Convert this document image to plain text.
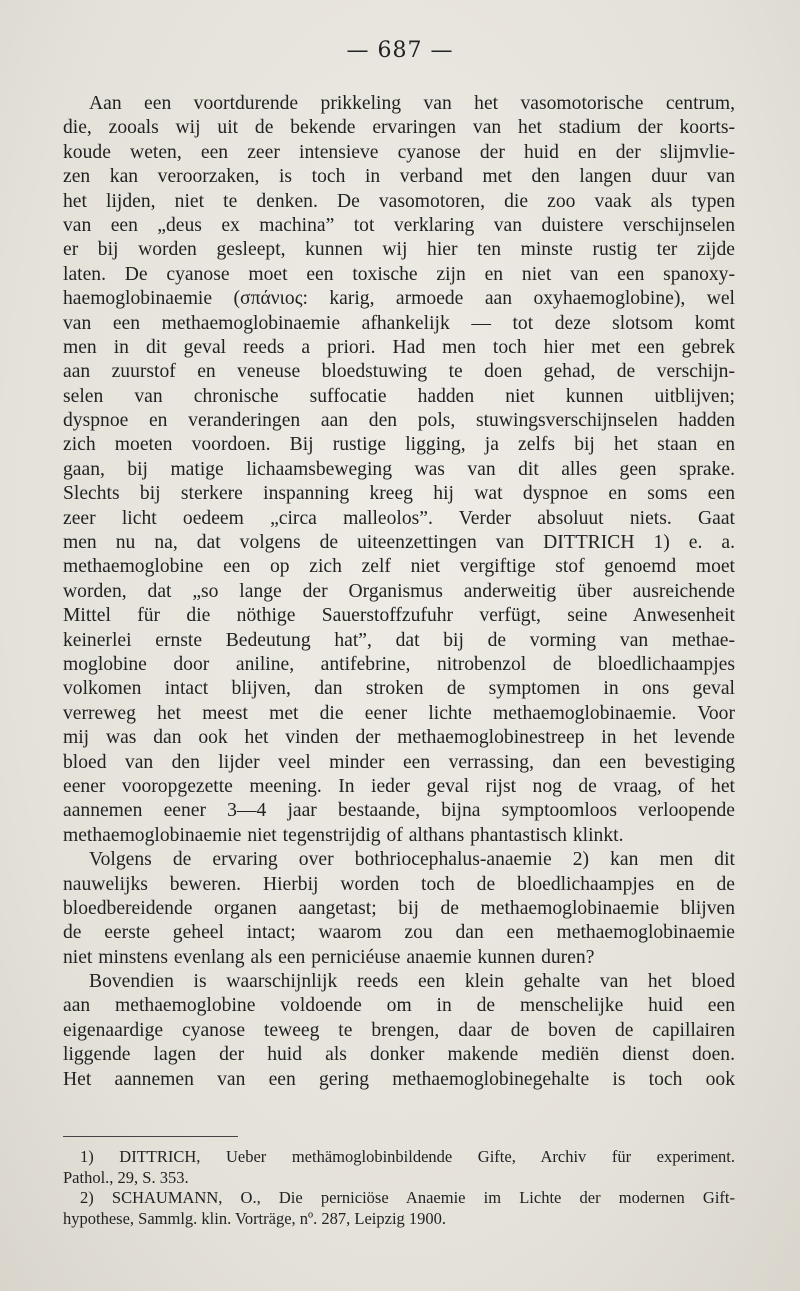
— 687 —
Aan een voortdurende prikkeling van het vasomotorische centrum,
die, zooals wij uit de bekende ervaringen van het stadium der koorts-
koude weten, een zeer intensieve cyanose der huid en der slijmvlie-
zen kan veroorzaken, is toch in verband met den langen duur van
het lijden, niet te denken. De vasomotoren, die zoo vaak als typen
van een „deus ex machina” tot verklaring van duistere verschijnselen
er bij worden gesleept, kunnen wij hier ten minste rustig ter zijde
laten. De cyanose moet een toxische zijn en niet van een spanoxy-
haemoglobinaemie (σπάνιος: karig, armoede aan oxyhaemoglobine), wel
van een methaemoglobinaemie afhankelijk — tot deze slotsom komt
men in dit geval reeds a priori. Had men toch hier met een gebrek
aan zuurstof en veneuse bloedstuwing te doen gehad, de verschijn-
selen van chronische suffocatie hadden niet kunnen uitblijven;
dyspnoe en veranderingen aan den pols, stuwingsverschijnselen hadden
zich moeten voordoen. Bij rustige ligging, ja zelfs bij het staan en
gaan, bij matige lichaamsbeweging was van dit alles geen sprake.
Slechts bij sterkere inspanning kreeg hij wat dyspnoe en soms een
zeer licht oedeem „circa malleolos”. Verder absoluut niets. Gaat
men nu na, dat volgens de uiteenzettingen van DITTRICH 1) e. a.
methaemoglobine een op zich zelf niet vergiftige stof genoemd moet
worden, dat „so lange der Organismus anderweitig über ausreichende
Mittel für die nöthige Sauerstoffzufuhr verfügt, seine Anwesenheit
keinerlei ernste Bedeutung hat”, dat bij de vorming van methae-
moglobine door aniline, antifebrine, nitrobenzol de bloedlichaampjes
volkomen intact blijven, dan stroken de symptomen in ons geval
verreweg het meest met die eener lichte methaemoglobinaemie. Voor
mij was dan ook het vinden der methaemoglobinestreep in het levende
bloed van den lijder veel minder een verrassing, dan een bevestiging
eener vooropgezette meening. In ieder geval rijst nog de vraag, of het
aannemen eener 3—4 jaar bestaande, bijna symptoomloos verloopende
methaemoglobinaemie niet tegenstrijdig of althans phantastisch klinkt.
Volgens de ervaring over bothriocephalus-anaemie 2) kan men dit
nauwelijks beweren. Hierbij worden toch de bloedlichaampjes en de
bloedbereidende organen aangetast; bij de methaemoglobinaemie blijven
de eerste geheel intact; waarom zou dan een methaemoglobinaemie
niet minstens evenlang als een perniciéuse anaemie kunnen duren?
Bovendien is waarschijnlijk reeds een klein gehalte van het bloed
aan methaemoglobine voldoende om in de menschelijke huid een
eigenaardige cyanose teweeg te brengen, daar de boven de capillairen
liggende lagen der huid als donker makende mediën dienst doen.
Het aannemen van een gering methaemoglobinegehalte is toch ook
1) DITTRICH, Ueber methämoglobinbildende Gifte, Archiv für experiment.
Pathol., 29, S. 353.
2) SCHAUMANN, O., Die perniciöse Anaemie im Lichte der modernen Gift-
hypothese, Sammlg. klin. Vorträge, nº. 287, Leipzig 1900.
